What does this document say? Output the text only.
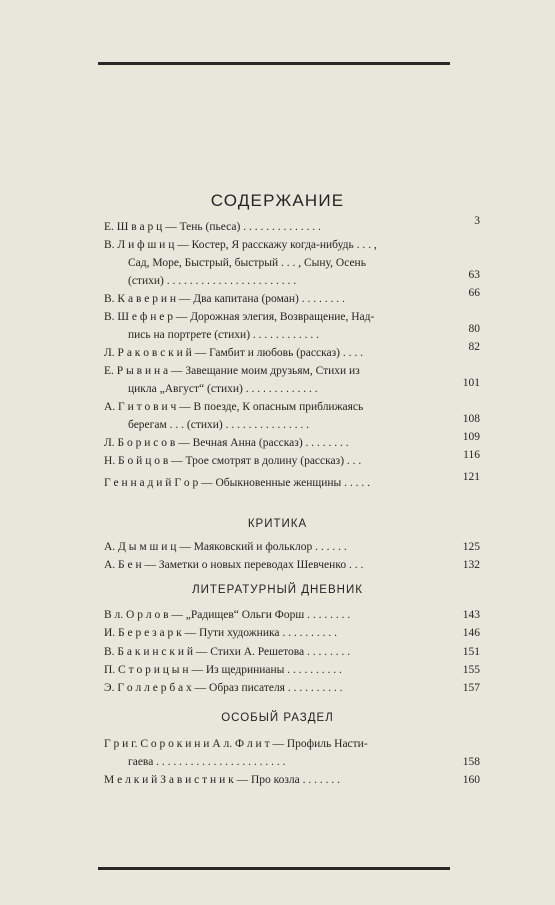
СОДЕРЖАНИЕ
Е. Ш в а р ц — Тень (пьеса) . . . . . . . . . . . . . .	3
В. Л и ф ш и ц — Костер, Я расскажу когда-нибудь . . . ,
Сад, Море, Быстрый, быстрый . . . , Сыну, Осень
(стихи) . . . . . . . . . . . . . . . . . . . . . . .	63
В. К а в е р и н — Два капитана (роман) . . . . . . . .	66
В. Ш е ф н е р — Дорожная элегия, Возвращение, Над-
пись на портрете (стихи) . . . . . . . . . . . .	80
Л. Р а к о в с к и й — Гамбит и любовь (рассказ) . . . .	82
Е. Р ы в и н а — Завещание моим друзьям, Стихи из
цикла „Август“ (стихи) . . . . . . . . . . . . .	101
А. Г и т о в и ч — В поезде, К опасным приближаясь
берегам . . . (стихи) . . . . . . . . . . . . . . .	108
Л. Б о р и с о в — Вечная Анна (рассказ) . . . . . . . .	109
Н. Б о й ц о в — Трое смотрят в долину (рассказ) . . .	116
Г е н н а д и й Г о р — Обыкновенные женщины . . . . .	121
КРИТИКА
А. Д ы м ш и ц — Маяковский и фольклор . . . . . .	125
А. Б е н — Заметки о новых переводах Шевченко . . .	132
ЛИТЕРАТУРНЫЙ ДНЕВНИК
В л. О р л о в — „Радищев“ Ольги Форш . . . . . . . .	143
И. Б е р е з а р к — Пути художника . . . . . . . . . .	146
В. Б а к и н с к и й — Стихи А. Решетова . . . . . . . .	151
П. С т о р и ц ы н — Из щедринианы . . . . . . . . . .	155
Э. Г о л л е р б а х — Образ писателя . . . . . . . . . .	157
ОСОБЫЙ РАЗДЕЛ
Г р и г. С о р о к и н и А л. Ф л и т — Профиль Насти-
гаева . . . . . . . . . . . . . . . . . . . . . . .	158
М е л к и й З а в и с т н и к — Про козла . . . . . . .	160
